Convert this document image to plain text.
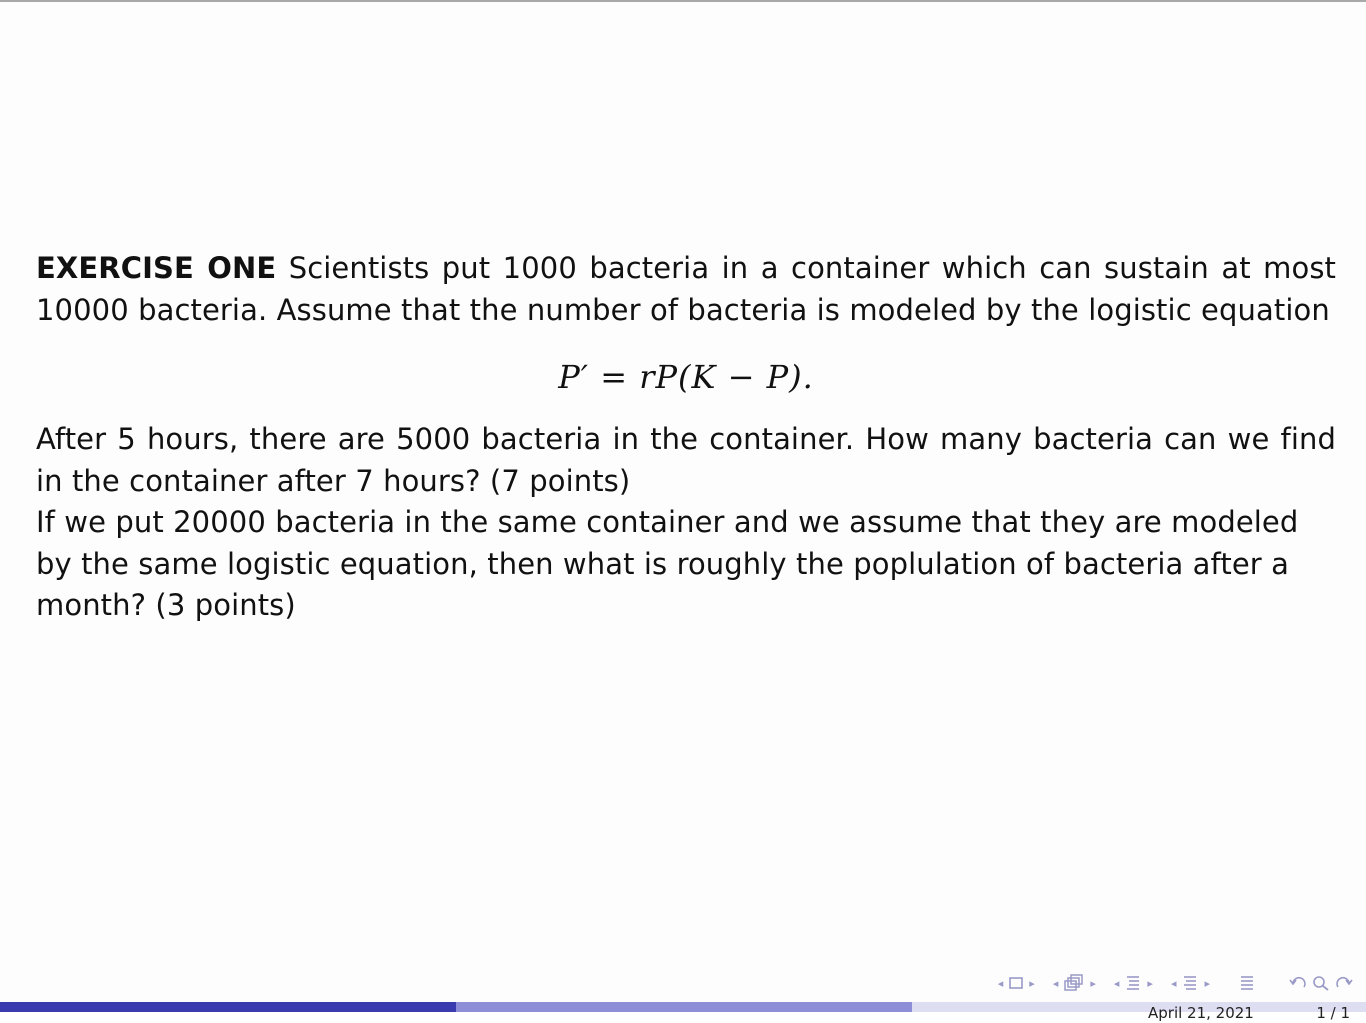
EXERCISE ONE Scientists put 1000 bacteria in a container which can sustain at most 10000 bacteria. Assume that the number of bacteria is modeled by the logistic equation

P′ = rP(K − P).

After 5 hours, there are 5000 bacteria in the container. How many bacteria can we find in the container after 7 hours? (7 points)

If we put 20000 bacteria in the same container and we assume that they are modeled by the same logistic equation, then what is roughly the poplulation of bacteria after a month? (3 points)

◂ ▸ ◂	▸ ◂	▸ ◂	▸
April 21, 2021	1 / 1
